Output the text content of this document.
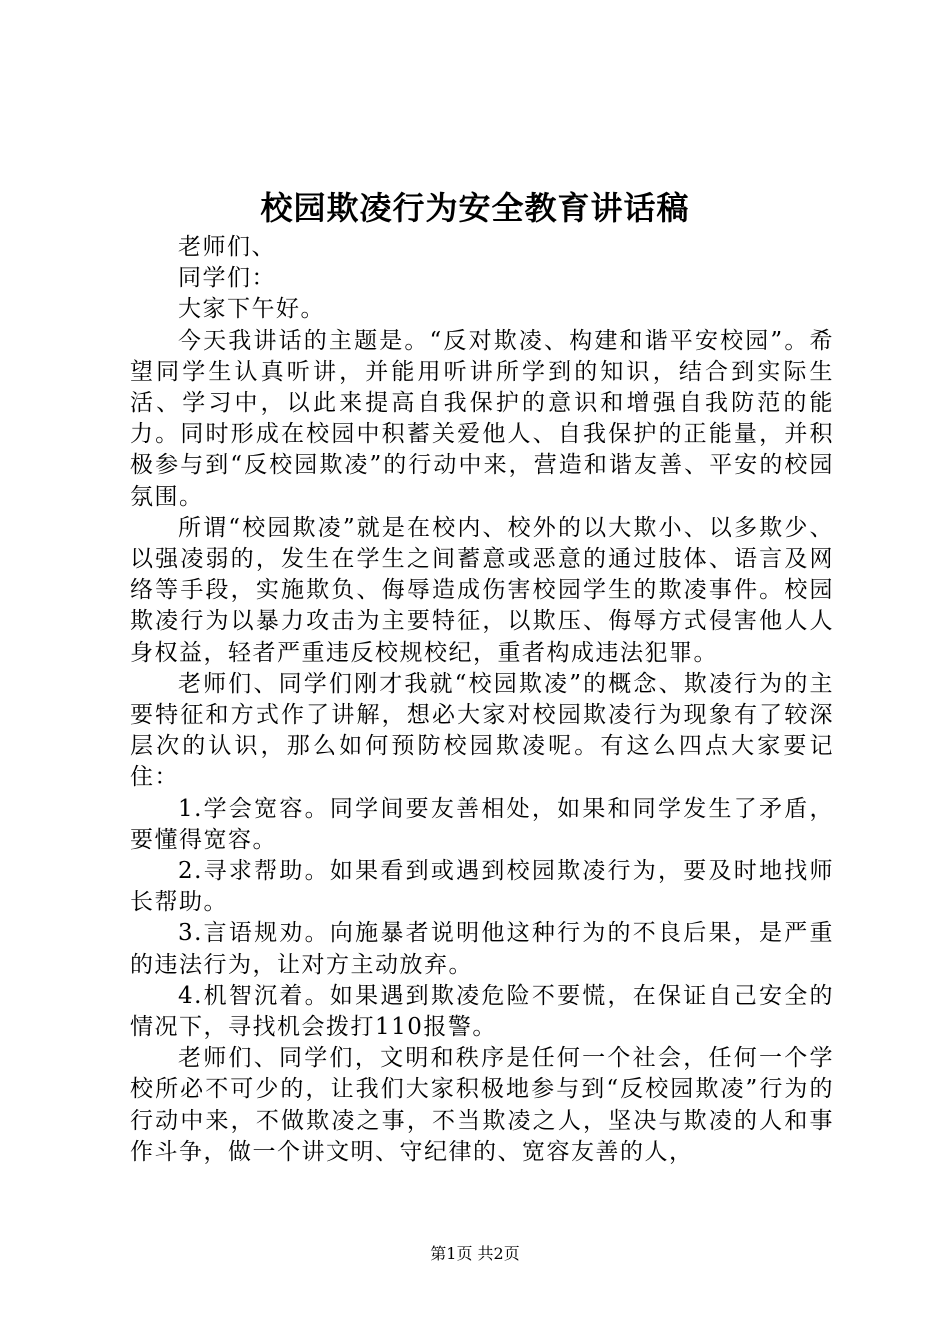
校园欺凌行为安全教育讲话稿

老师们、

同学们：

大家下午好。

今天我讲话的主题是。“反对欺凌、构建和谐平安校园”。希望同学生认真听讲，并能用听讲所学到的知识，结合到实际生活、学习中，以此来提高自我保护的意识和增强自我防范的能力。同时形成在校园中积蓄关爱他人、自我保护的正能量，并积极参与到“反校园欺凌”的行动中来，营造和谐友善、平安的校园氛围。

所谓“校园欺凌”就是在校内、校外的以大欺小、以多欺少、以强凌弱的，发生在学生之间蓄意或恶意的通过肢体、语言及网络等手段，实施欺负、侮辱造成伤害校园学生的欺凌事件。校园欺凌行为以暴力攻击为主要特征，以欺压、侮辱方式侵害他人人身权益，轻者严重违反校规校纪，重者构成违法犯罪。

老师们、同学们刚才我就“校园欺凌”的概念、欺凌行为的主要特征和方式作了讲解，想必大家对校园欺凌行为现象有了较深层次的认识，那么如何预防校园欺凌呢。有这么四点大家要记住：

1.学会宽容。同学间要友善相处，如果和同学发生了矛盾，要懂得宽容。

2.寻求帮助。如果看到或遇到校园欺凌行为，要及时地找师长帮助。

3.言语规劝。向施暴者说明他这种行为的不良后果，是严重的违法行为，让对方主动放弃。

4.机智沉着。如果遇到欺凌危险不要慌，在保证自己安全的情况下，寻找机会拨打110报警。

老师们、同学们，文明和秩序是任何一个社会，任何一个学校所必不可少的，让我们大家积极地参与到“反校园欺凌”行为的行动中来，不做欺凌之事，不当欺凌之人，坚决与欺凌的人和事作斗争，做一个讲文明、守纪律的、宽容友善的人，

第1页 共2页
